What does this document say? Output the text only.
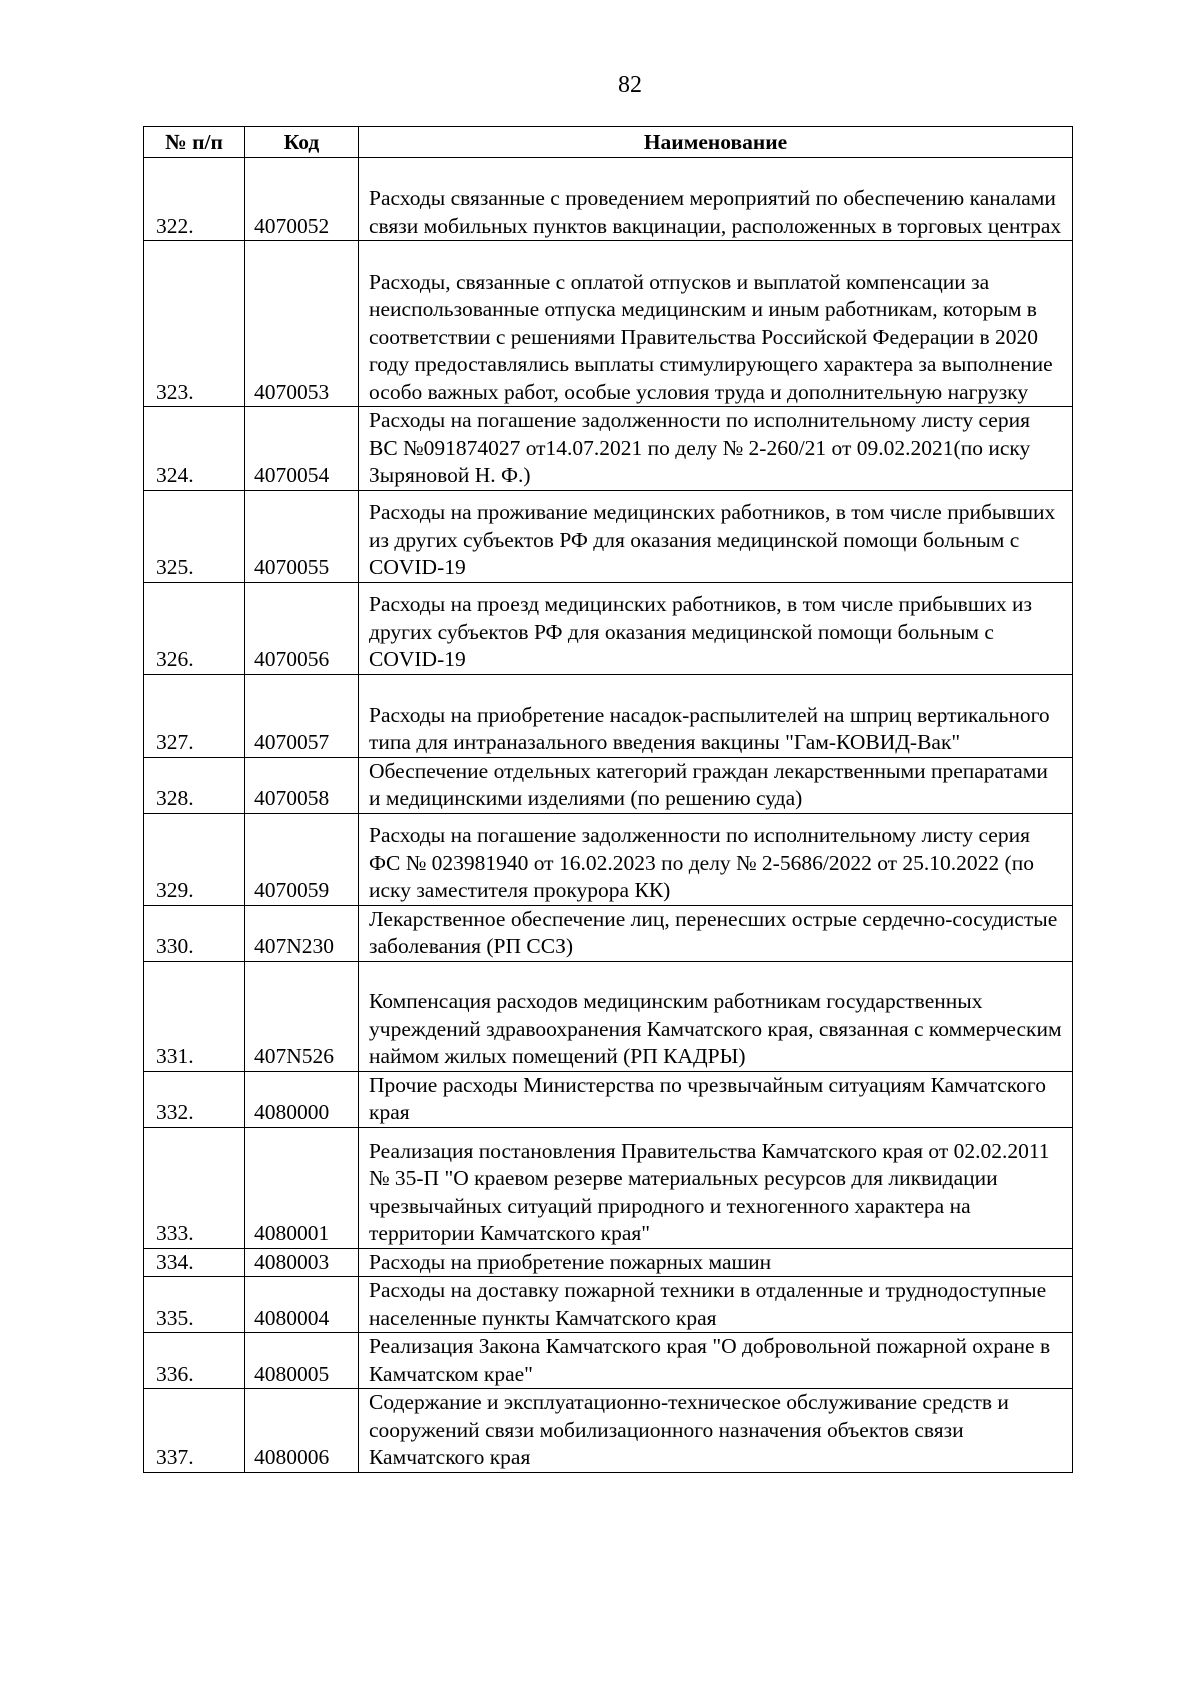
82
№ п/п	Код	Наименование
322.	4070052	Расходы связанные с проведением мероприятий по обеспечению каналами связи мобильных пунктов вакцинации, расположенных в торговых центрах
323.	4070053	Расходы, связанные с оплатой отпусков и выплатой компенсации за неиспользованные отпуска медицинским и иным работникам, которым в соответствии с решениями Правительства Российской Федерации в 2020 году предоставлялись выплаты стимулирующего характера за выполнение особо важных работ, особые условия труда и дополнительную нагрузку
324.	4070054	Расходы на погашение задолженности по исполнительному листу серия ВС №091874027 от14.07.2021 по делу № 2-260/21 от 09.02.2021(по иску Зыряновой Н. Ф.)
325.	4070055	Расходы на проживание медицинских работников, в том числе прибывших из других субъектов РФ для оказания медицинской помощи больным с COVID-19
326.	4070056	Расходы на проезд медицинских работников, в том числе прибывших из других субъектов РФ для оказания медицинской помощи больным с COVID-19
327.	4070057	Расходы на приобретение насадок-распылителей на шприц вертикального типа для интраназального введения вакцины "Гам-КОВИД-Вак"
328.	4070058	Обеспечение отдельных категорий граждан лекарственными препаратами и медицинскими изделиями (по решению суда)
329.	4070059	Расходы на погашение задолженности по исполнительному листу серия ФС № 023981940 от 16.02.2023 по делу № 2-5686/2022 от 25.10.2022 (по иску заместителя прокурора КК)
330.	407N230	Лекарственное обеспечение лиц, перенесших острые сердечно-сосудистые заболевания (РП ССЗ)
331.	407N526	Компенсация расходов медицинским работникам государственных учреждений здравоохранения Камчатского края, связанная с коммерческим наймом жилых помещений (РП КАДРЫ)
332.	4080000	Прочие расходы Министерства по чрезвычайным ситуациям Камчатского края
333.	4080001	Реализация постановления Правительства Камчатского края от 02.02.2011 № 35-П "О краевом резерве материальных ресурсов для ликвидации чрезвычайных ситуаций природного и техногенного характера на территории Камчатского края"
334.	4080003	Расходы на приобретение пожарных машин
335.	4080004	Расходы на доставку пожарной техники в отдаленные и труднодоступные населенные пункты Камчатского края
336.	4080005	Реализация Закона Камчатского края "О добровольной пожарной охране в Камчатском крае"
337.	4080006	Содержание и эксплуатационно-техническое обслуживание средств и сооружений связи мобилизационного назначения объектов связи Камчатского края
